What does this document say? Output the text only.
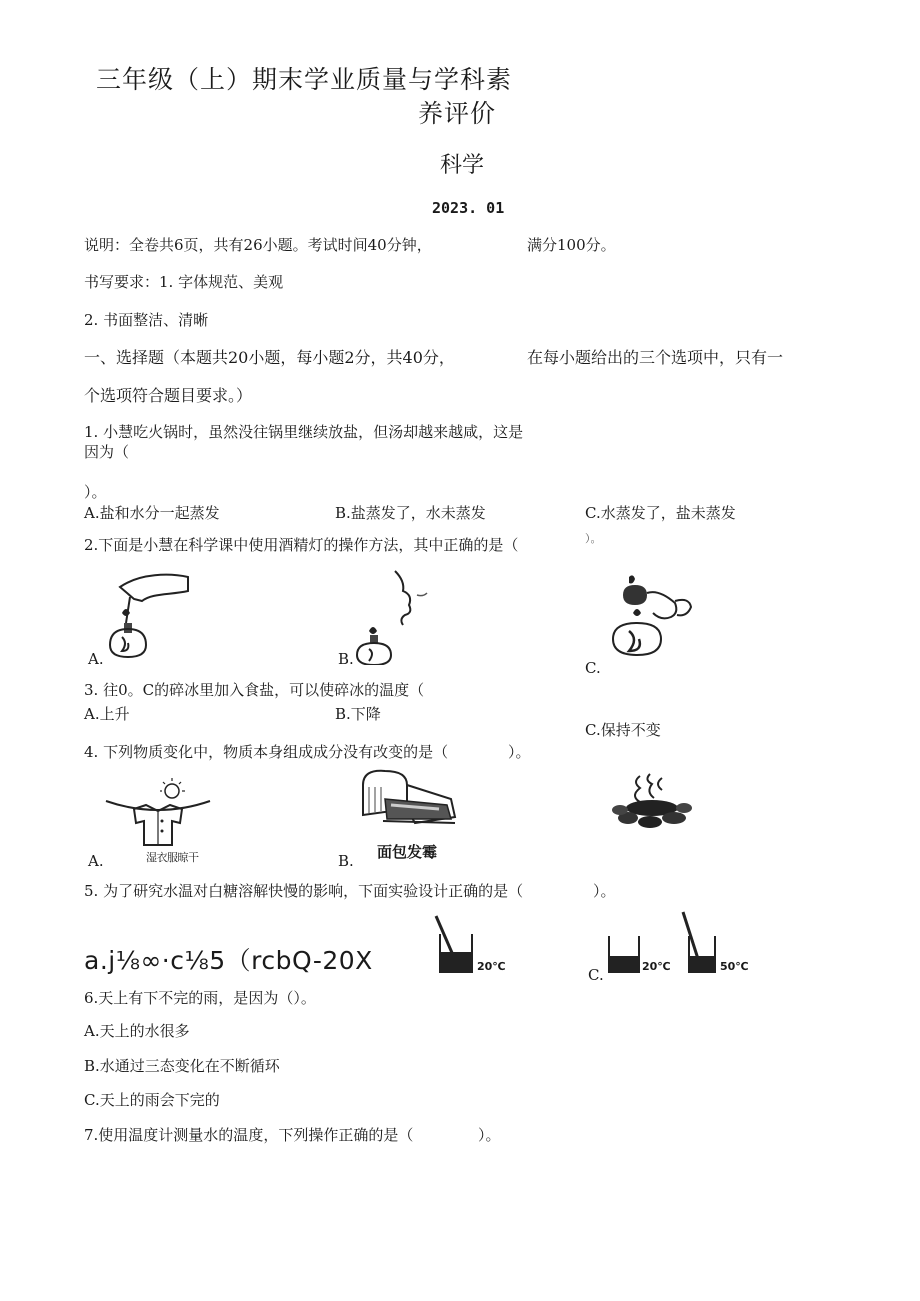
三年级（上）期末学业质量与学科素
养评价
科学
2023. 01
说明：全卷共6页，共有26小题。考试时间40分钟，	满分100分。
书写要求：1. 字体规范、美观
2. 书面整洁、清晰
一、选择题（本题共20小题，每小题2分，共40分，	在每小题给出的三个选项中，只有一
个选项符合题目要求。）
1. 小慧吃火锅时，虽然没往锅里继续放盐，但汤却越来越咸，这是
因为（
）。
A.盐和水分一起蒸发	B.盐蒸发了，水未蒸发	C.水蒸发了，盐未蒸发
2.下面是小慧在科学课中使用酒精灯的操作方法，其中正确的是（	）。
A.	B.	C.
3. 往0。C的碎冰里加入食盐，可以使碎冰的温度（
A.上升	B.下降
C.保持不变
4. 下列物质变化中，物质本身组成成分没有改变的是（	）。
湿衣服晾干
A.	面包发霉
B.
5. 为了研究水温对白糖溶解快慢的影响，下面实验设计正确的是（	）。
a.j⅛∞·c⅛5（rcbQ-20X	20℃	C.	20℃	50℃
6.天上有下不完的雨，是因为（）。
A.天上的水很多
B.水通过三态变化在不断循环
C.天上的雨会下完的
7.使用温度计测量水的温度，下列操作正确的是（	）。
